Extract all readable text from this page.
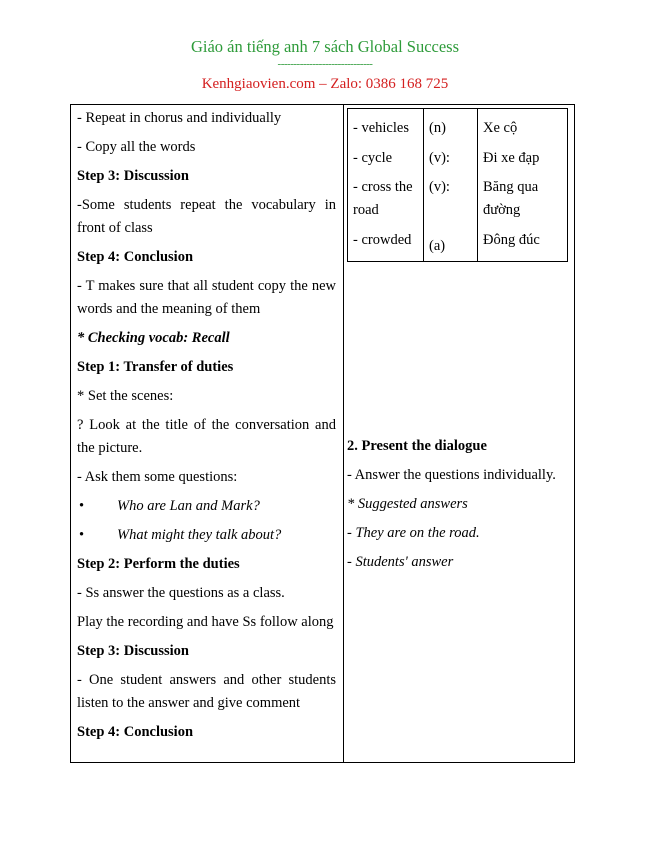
Giáo án tiếng anh 7 sách Global Success
------------------------------
Kenhgiaovien.com – Zalo: 0386 168 725

- Repeat in chorus and individually

- Copy all the words

Step 3: Discussion

-Some students repeat the vocabulary in front of class

Step 4: Conclusion

- T makes sure that all student copy the new words and the meaning of them

* Checking vocab: Recall

Step 1: Transfer of duties

* Set the scenes:

? Look at the title of the conversation and the picture.

- Ask them some questions:

•	Who are Lan and Mark?
•	What might they talk about?

Step 2: Perform the duties

- Ss answer the questions as a class.

Play the recording and have Ss follow along

Step 3: Discussion

- One student answers and other students listen to the answer and give comment

Step 4: Conclusion

- vehicles
- cycle
- cross the road
- crowded
(n)
(v):
(v):
(a)
Xe cộ
Đi xe đạp
Băng qua đường
Đông đúc

2. Present the dialogue

- Answer the questions individually.

* Suggested answers

- They are on the road.

- Students' answer
